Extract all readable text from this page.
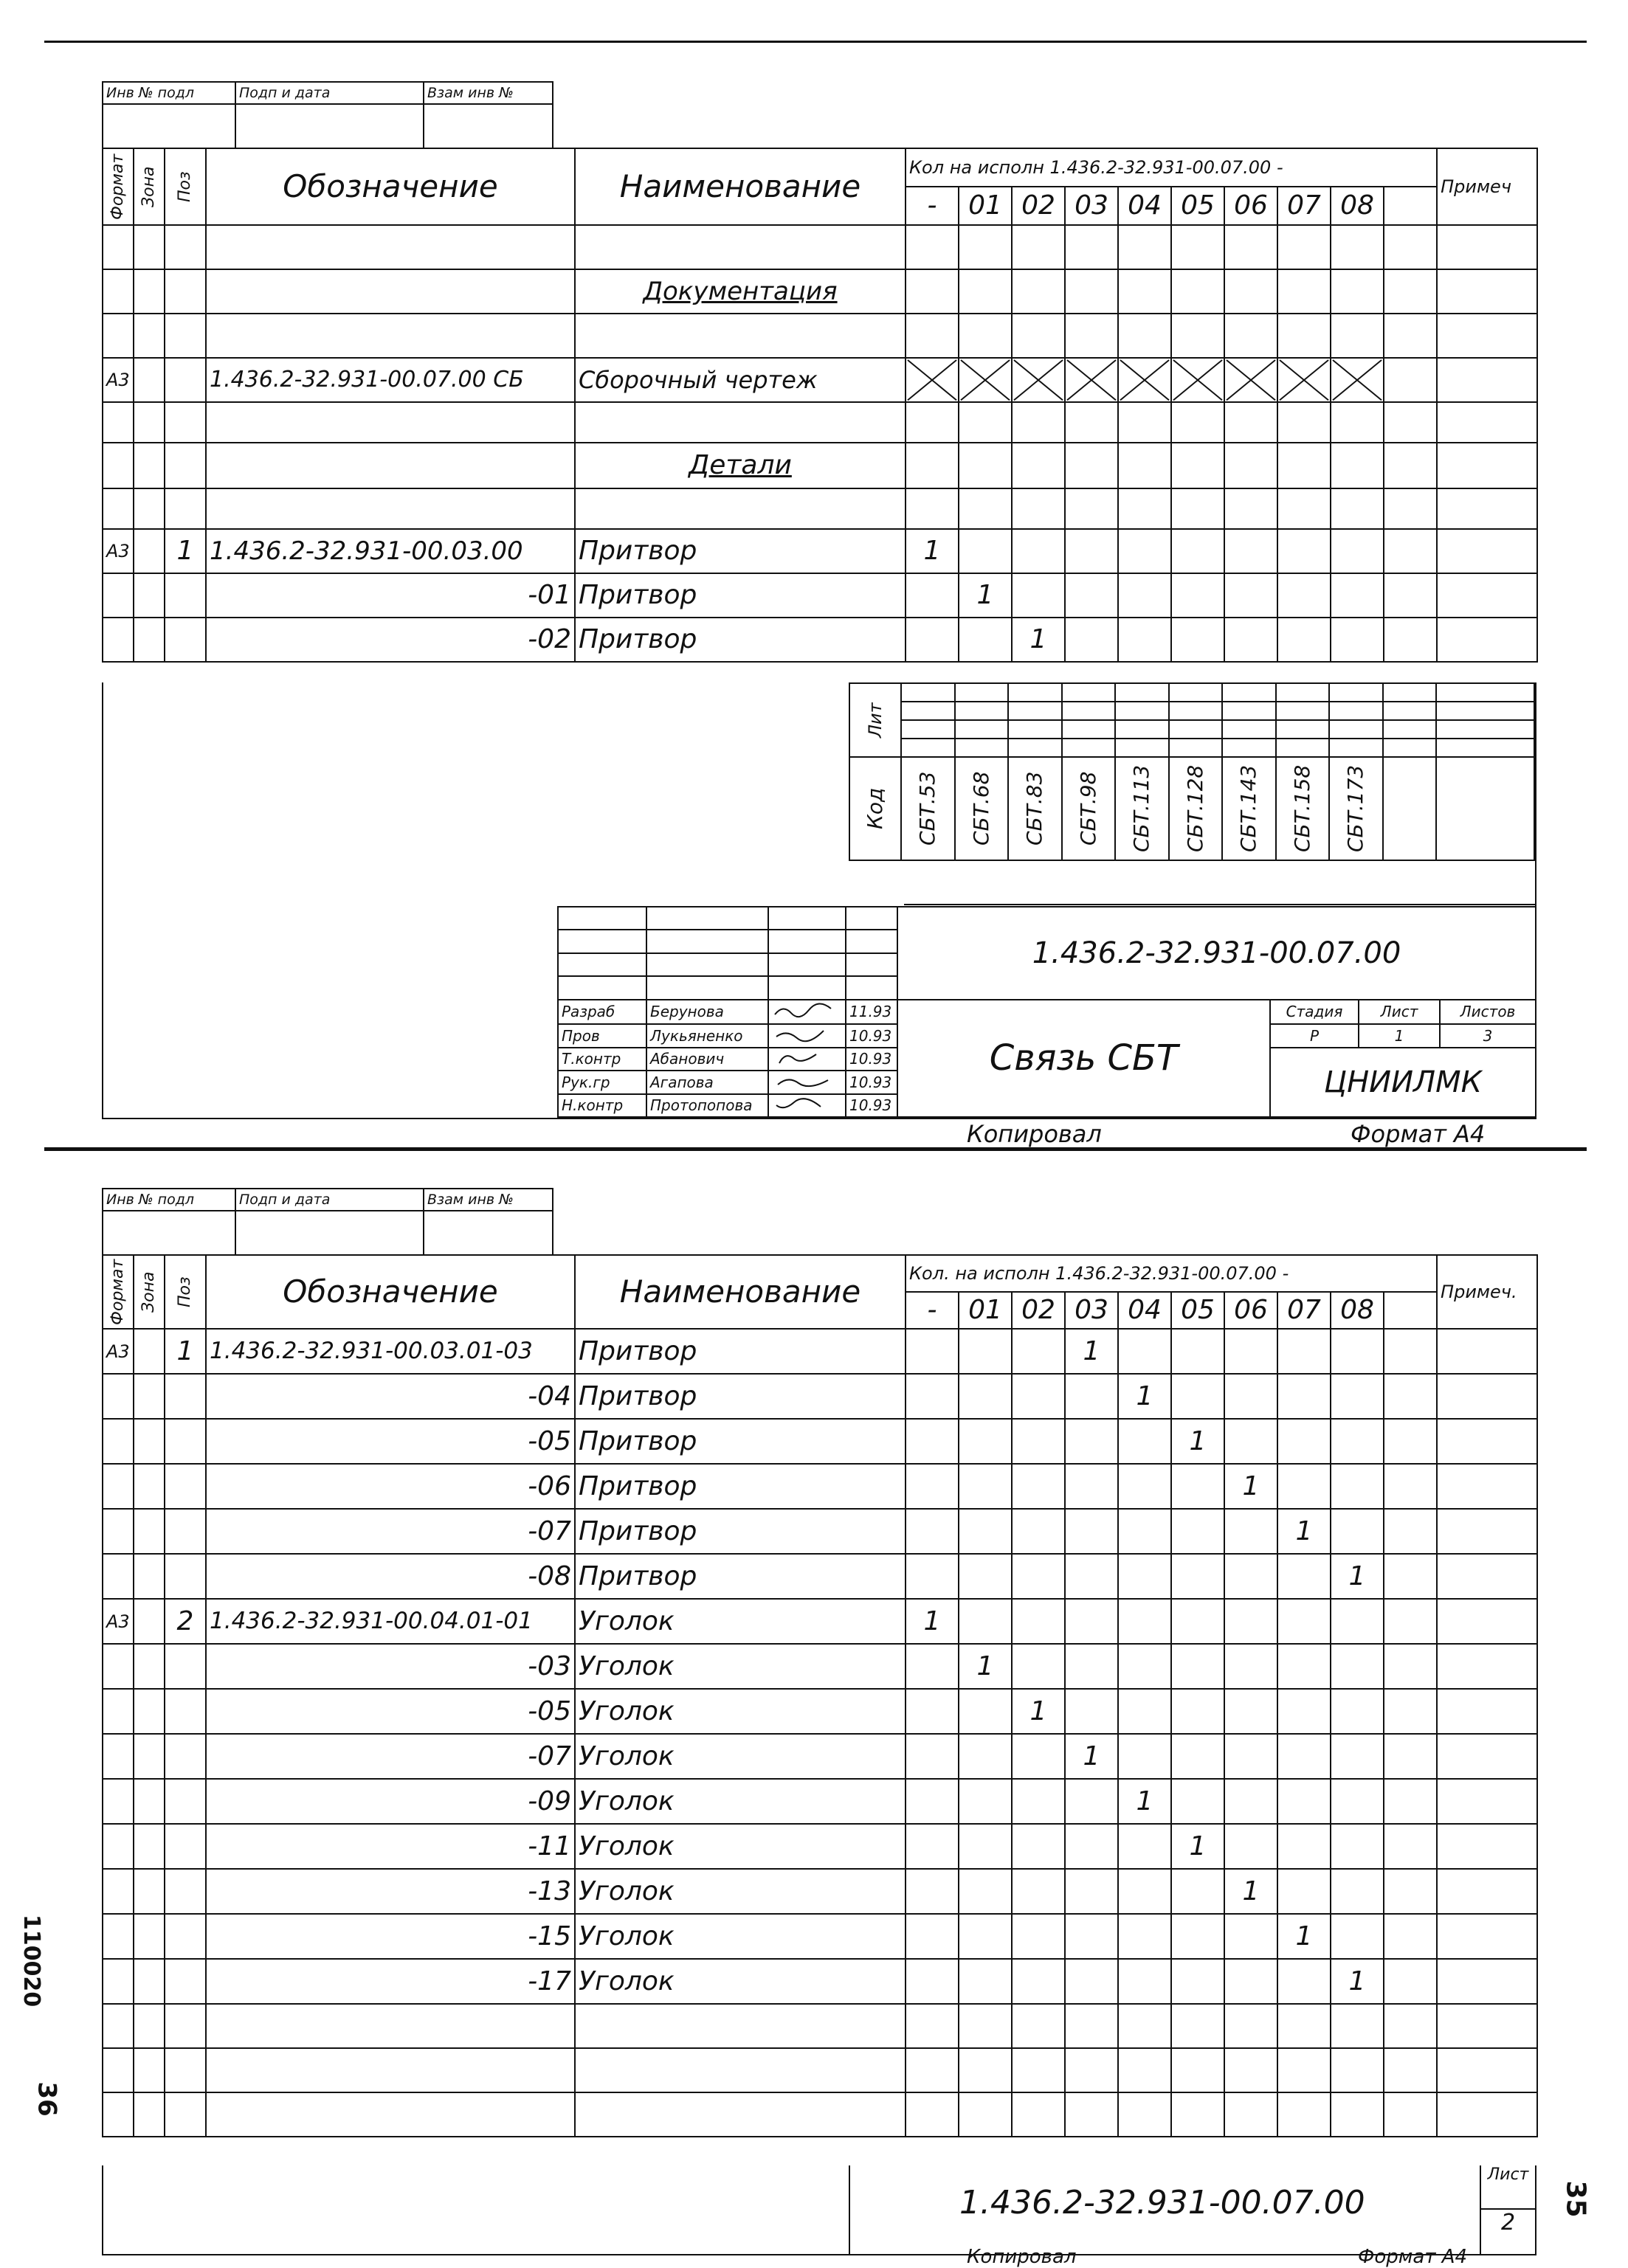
Инв № подл	Подп и дата	Взам инв №

Формат	Зона	Поз	Обозначение	Наименование	Кол на исполн 1.436.2-32.931-00.07.00 -										Примеч
					-	01	02	03	04	05	06	07	08		

				Документация											

A3			1.436.2-32.931-00.07.00 СБ	Сборочный чертеж	

				Детали											

A3		1	1.436.2-32.931-00.03.00	Притвор	1										
			-01	Притвор		1									
			-02	Притвор			1								
Лит											

Код	СБТ.53	СБТ.68	СБТ.83	СБТ.98	СБТ.113	СБТ.128	СБТ.143	СБТ.158	СБТ.173		
				1.436.2-32.931-00.07.00			

Разраб	Берунова		11.93	Связь СБТ	Стадия	Лист	Листов
Пров	Лукьяненко		10.93		Р	1	3
Т.контр	Абанович		10.93		ЦНИИЛМК		
Рук.гр	Агапова		10.93				
Н.контр	Протопопова		10.93				
Копировал	Формат А4
Инв № подл	Подп и дата	Взам инв №

Формат	Зона	Поз	Обозначение	Наименование	Кол. на исполн 1.436.2-32.931-00.07.00 -										Примеч.
					-	01	02	03	04	05	06	07	08		
A3		1	1.436.2-32.931-00.03.01-03	Притвор				1							
			-04	Притвор					1						
			-05	Притвор						1					
			-06	Притвор							1				
			-07	Притвор								1			
			-08	Притвор									1		
A3		2	1.436.2-32.931-00.04.01-01	Уголок	1										
			-03	Уголок		1									
			-05	Уголок			1								
			-07	Уголок				1							
			-09	Уголок					1						
			-11	Уголок						1					
			-13	Уголок							1				
			-15	Уголок								1			
			-17	Уголок									1		

Лист
2
1.436.2-32.931-00.07.00
Копировал	Формат А4
35
36
110020
